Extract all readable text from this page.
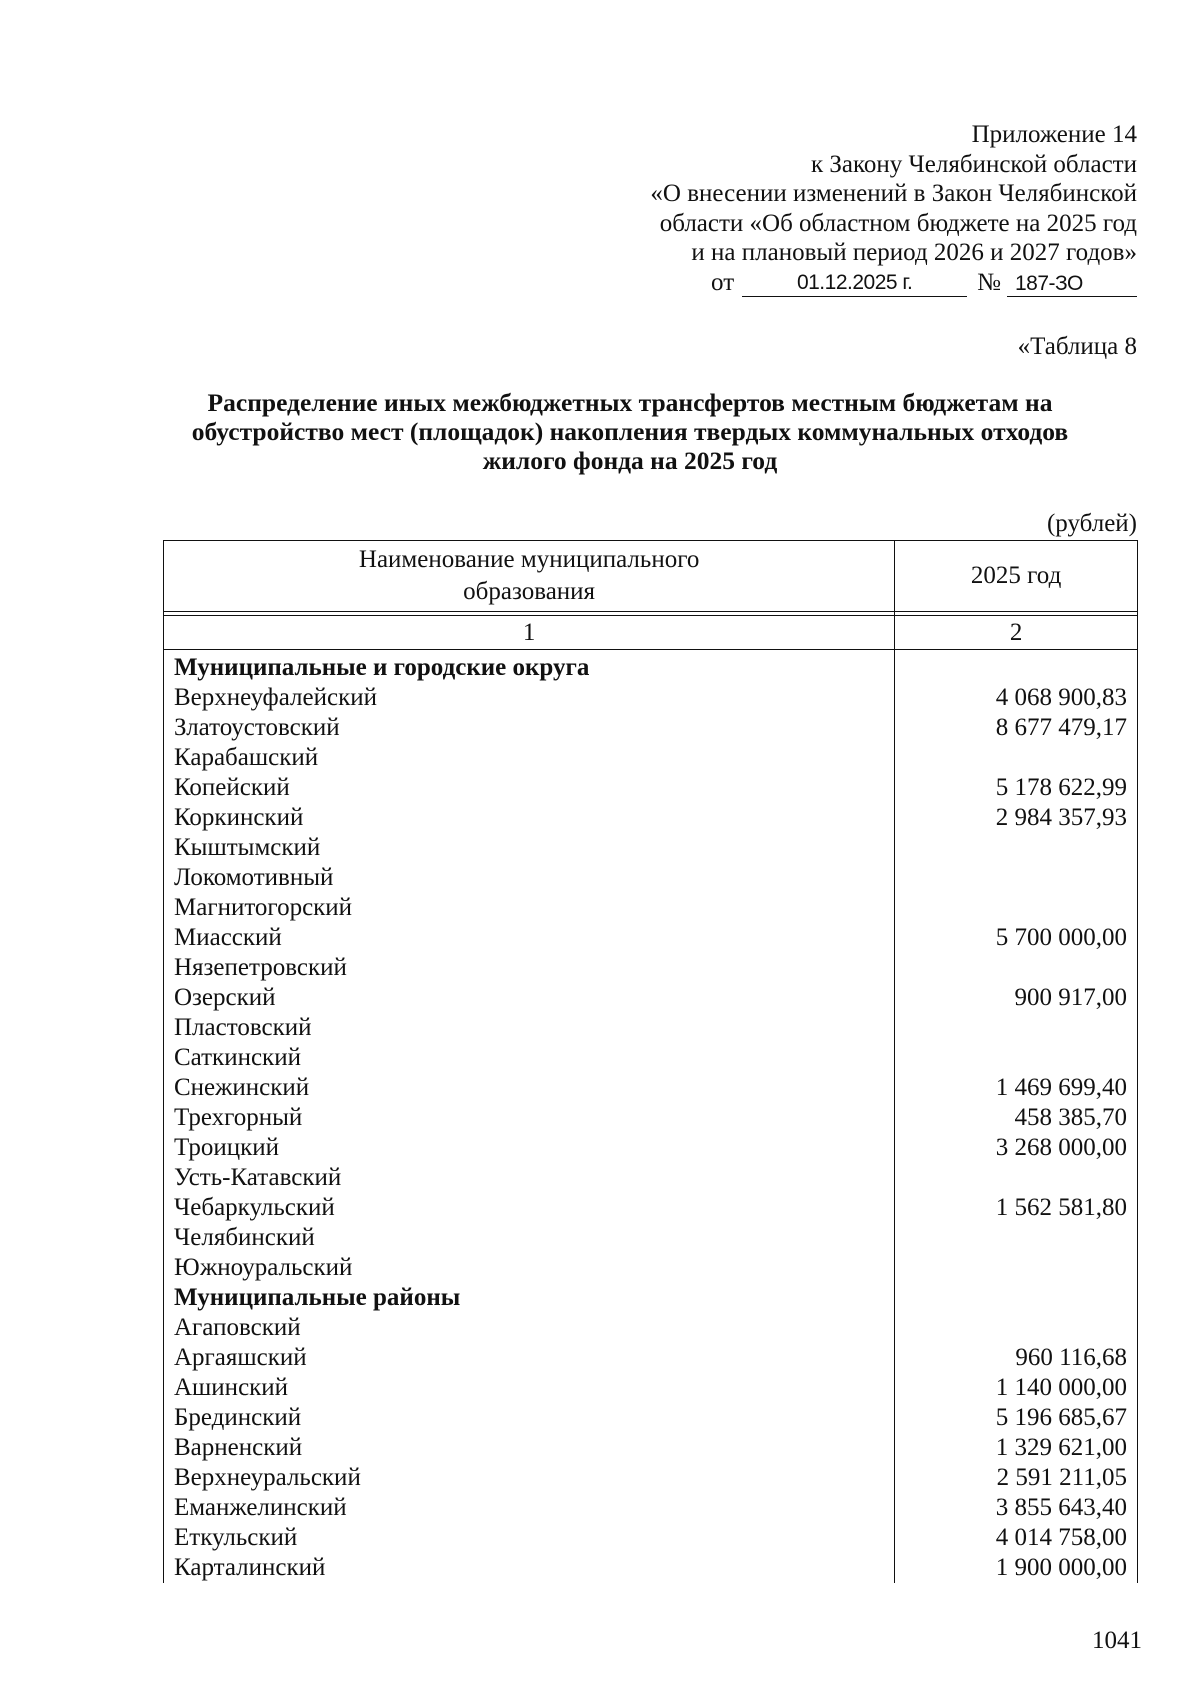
Приложение 14
к Закону Челябинской области
«О внесении изменений в Закон Челябинской
области «Об областном бюджете на 2025 год
и на плановый период 2026 и 2027 годов»
от	01.12.2025 г.	№ 187-ЗО
«Таблица 8
Распределение иных межбюджетных трансфертов местным бюджетам на
обустройство мест (площадок) накопления твердых коммунальных отходов
жилого фонда на 2025 год
(рублей)
Наименование муниципального
образования	2025 год

1	2
Муниципальные и городские округа	
Верхнеуфалейский	4 068 900,83
Златоустовский	8 677 479,17
Карабашский	
Копейский	5 178 622,99
Коркинский	2 984 357,93
Кыштымский	
Локомотивный	
Магнитогорский	
Миасский	5 700 000,00
Нязепетровский	
Озерский	900 917,00
Пластовский	
Саткинский	
Снежинский	1 469 699,40
Трехгорный	458 385,70
Троицкий	3 268 000,00
Усть-Катавский	
Чебаркульский	1 562 581,80
Челябинский	
Южноуральский	
Муниципальные районы	
Агаповский	
Аргаяшский	960 116,68
Ашинский	1 140 000,00
Брединский	5 196 685,67
Варненский	1 329 621,00
Верхнеуральский	2 591 211,05
Еманжелинский	3 855 643,40
Еткульский	4 014 758,00
Карталинский	1 900 000,00
1041
